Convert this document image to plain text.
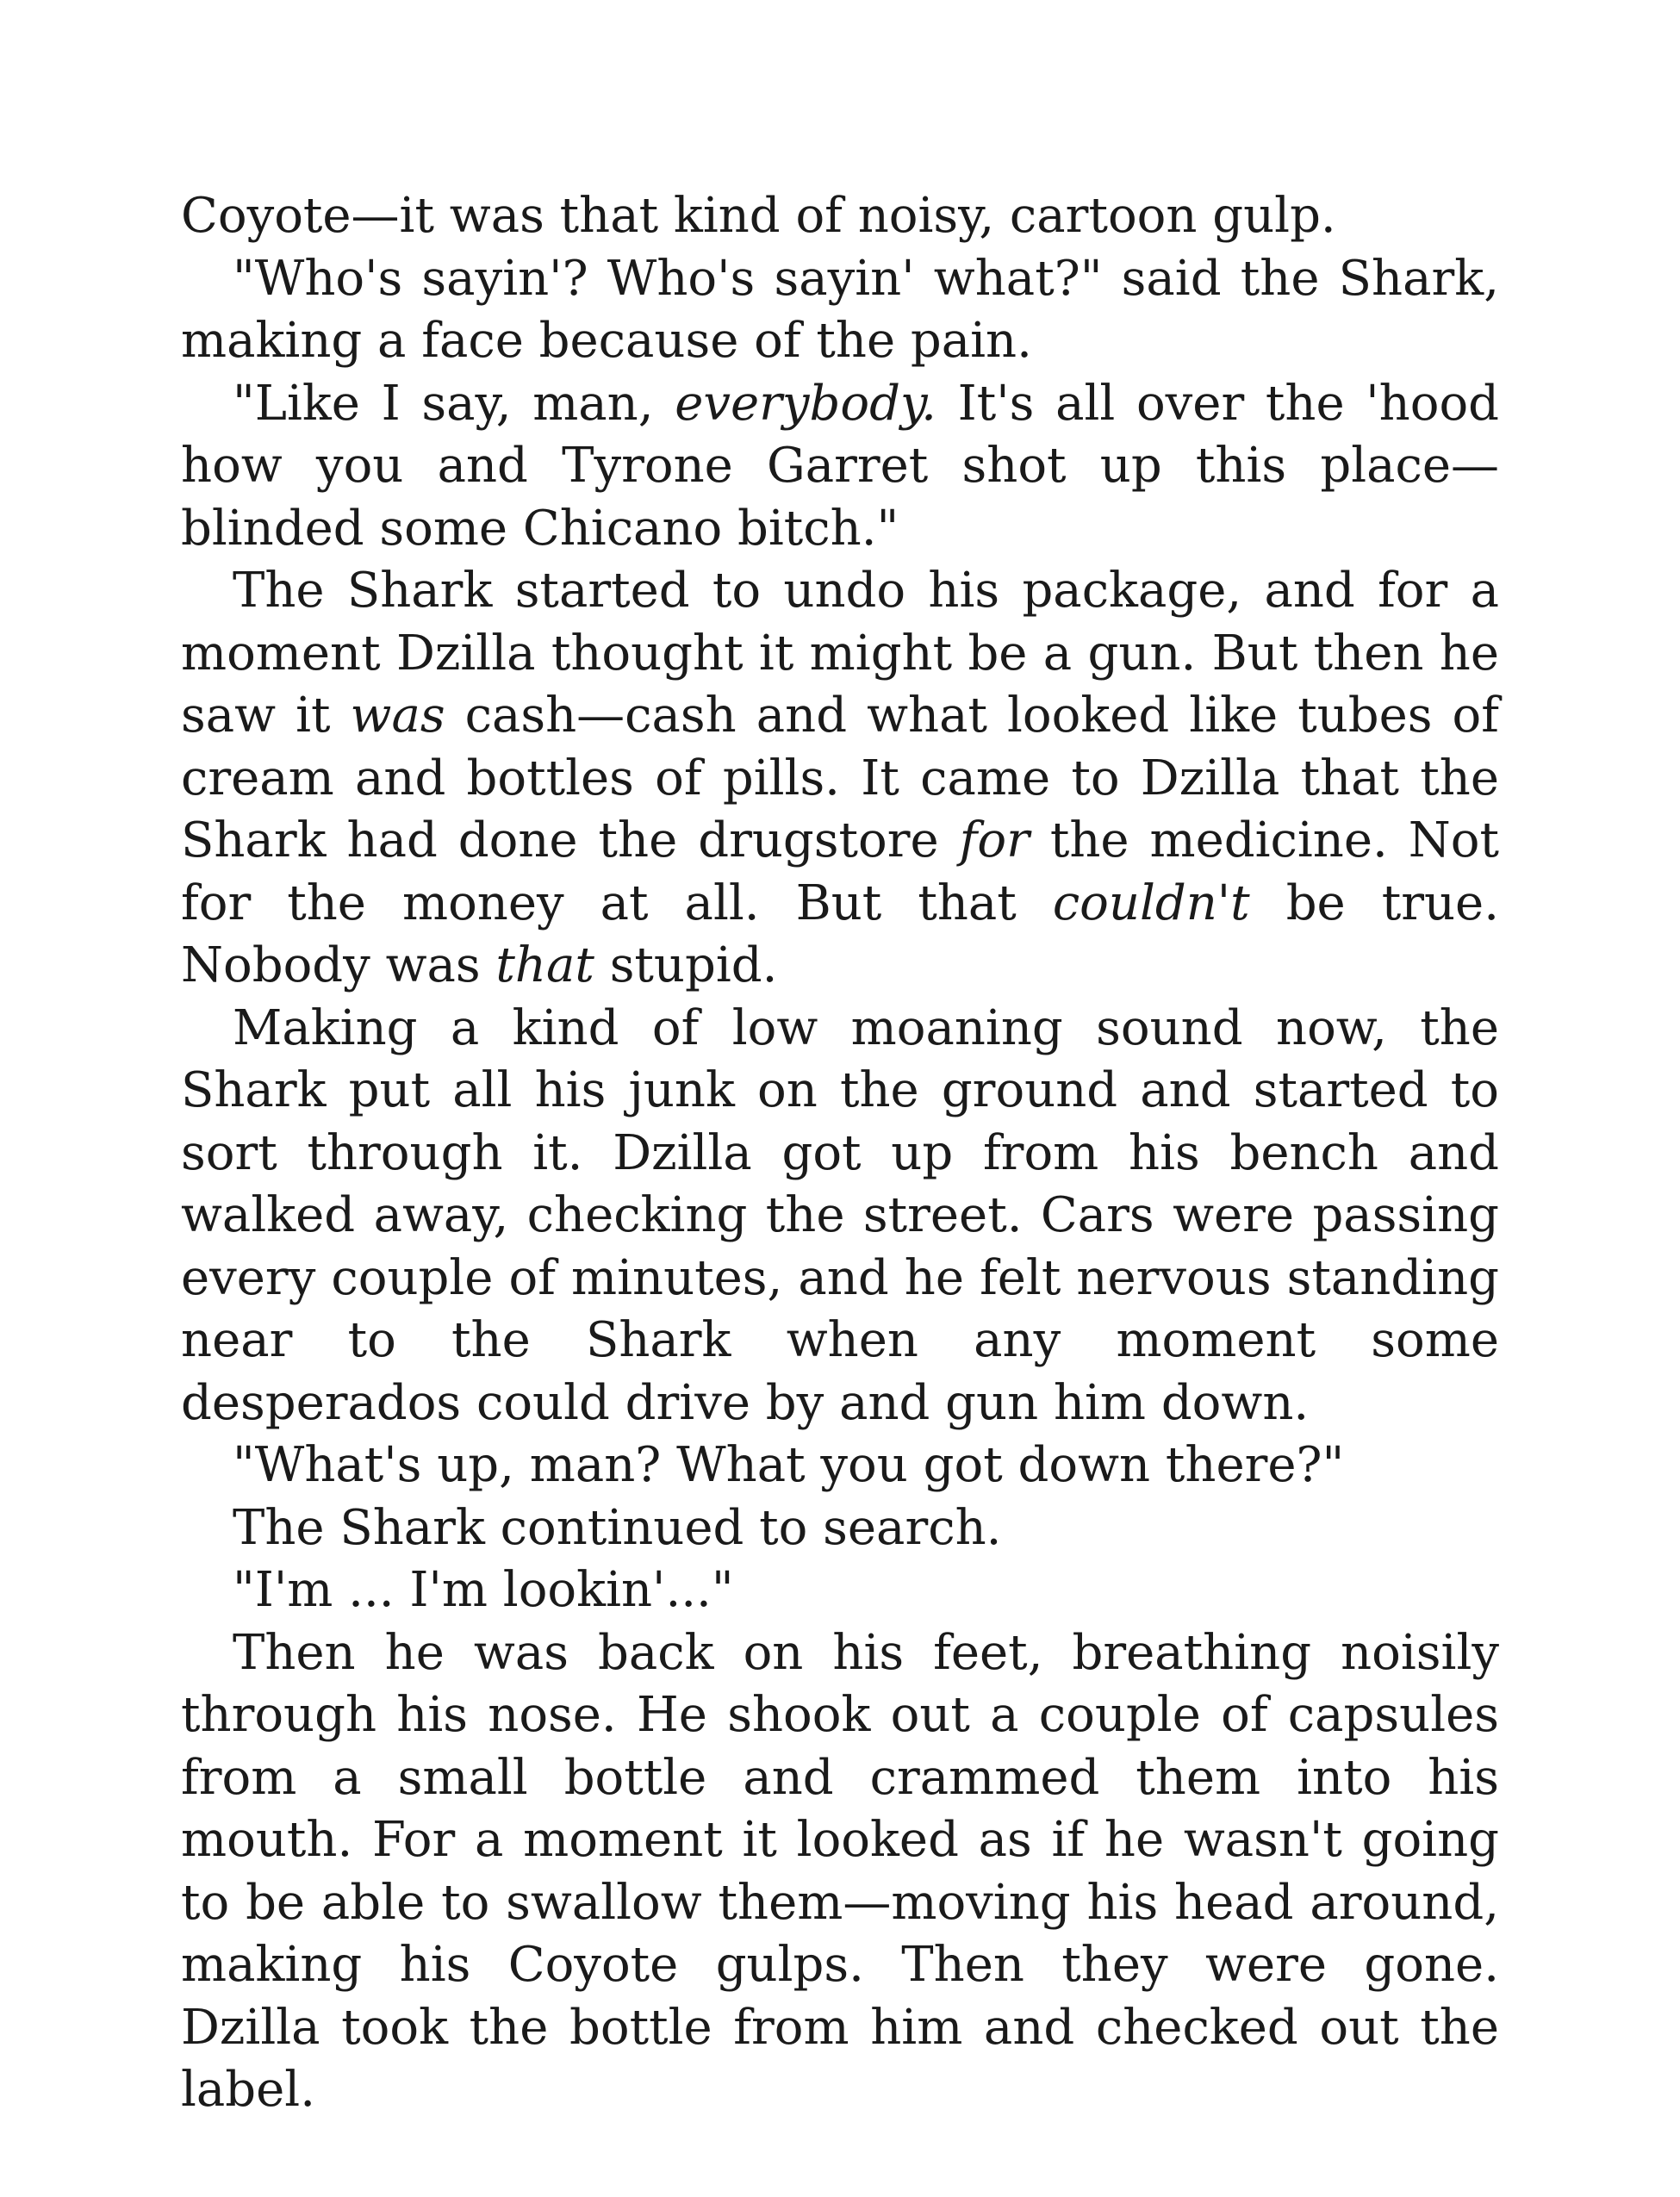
Coyote—it was that kind of noisy, cartoon gulp.

"Who's sayin'? Who's sayin' what?" said the Shark, making a face because of the pain.

"Like I say, man, everybody. It's all over the 'hood how you and Tyrone Garret shot up this place—blinded some Chicano bitch."

The Shark started to undo his package, and for a moment Dzilla thought it might be a gun. But then he saw it was cash—cash and what looked like tubes of cream and bottles of pills. It came to Dzilla that the Shark had done the drugstore for the medicine. Not for the money at all. But that couldn't be true. Nobody was that stupid.

Making a kind of low moaning sound now, the Shark put all his junk on the ground and started to sort through it. Dzilla got up from his bench and walked away, checking the street. Cars were passing every couple of minutes, and he felt nervous standing near to the Shark when any moment some desperados could drive by and gun him down.

"What's up, man? What you got down there?"

The Shark continued to search.

"I'm ... I'm lookin'..."

Then he was back on his feet, breathing noisily through his nose. He shook out a couple of capsules from a small bottle and crammed them into his mouth. For a moment it looked as if he wasn't going to be able to swallow them—moving his head around, making his Coyote gulps. Then they were gone. Dzilla took the bottle from him and checked out the label.
